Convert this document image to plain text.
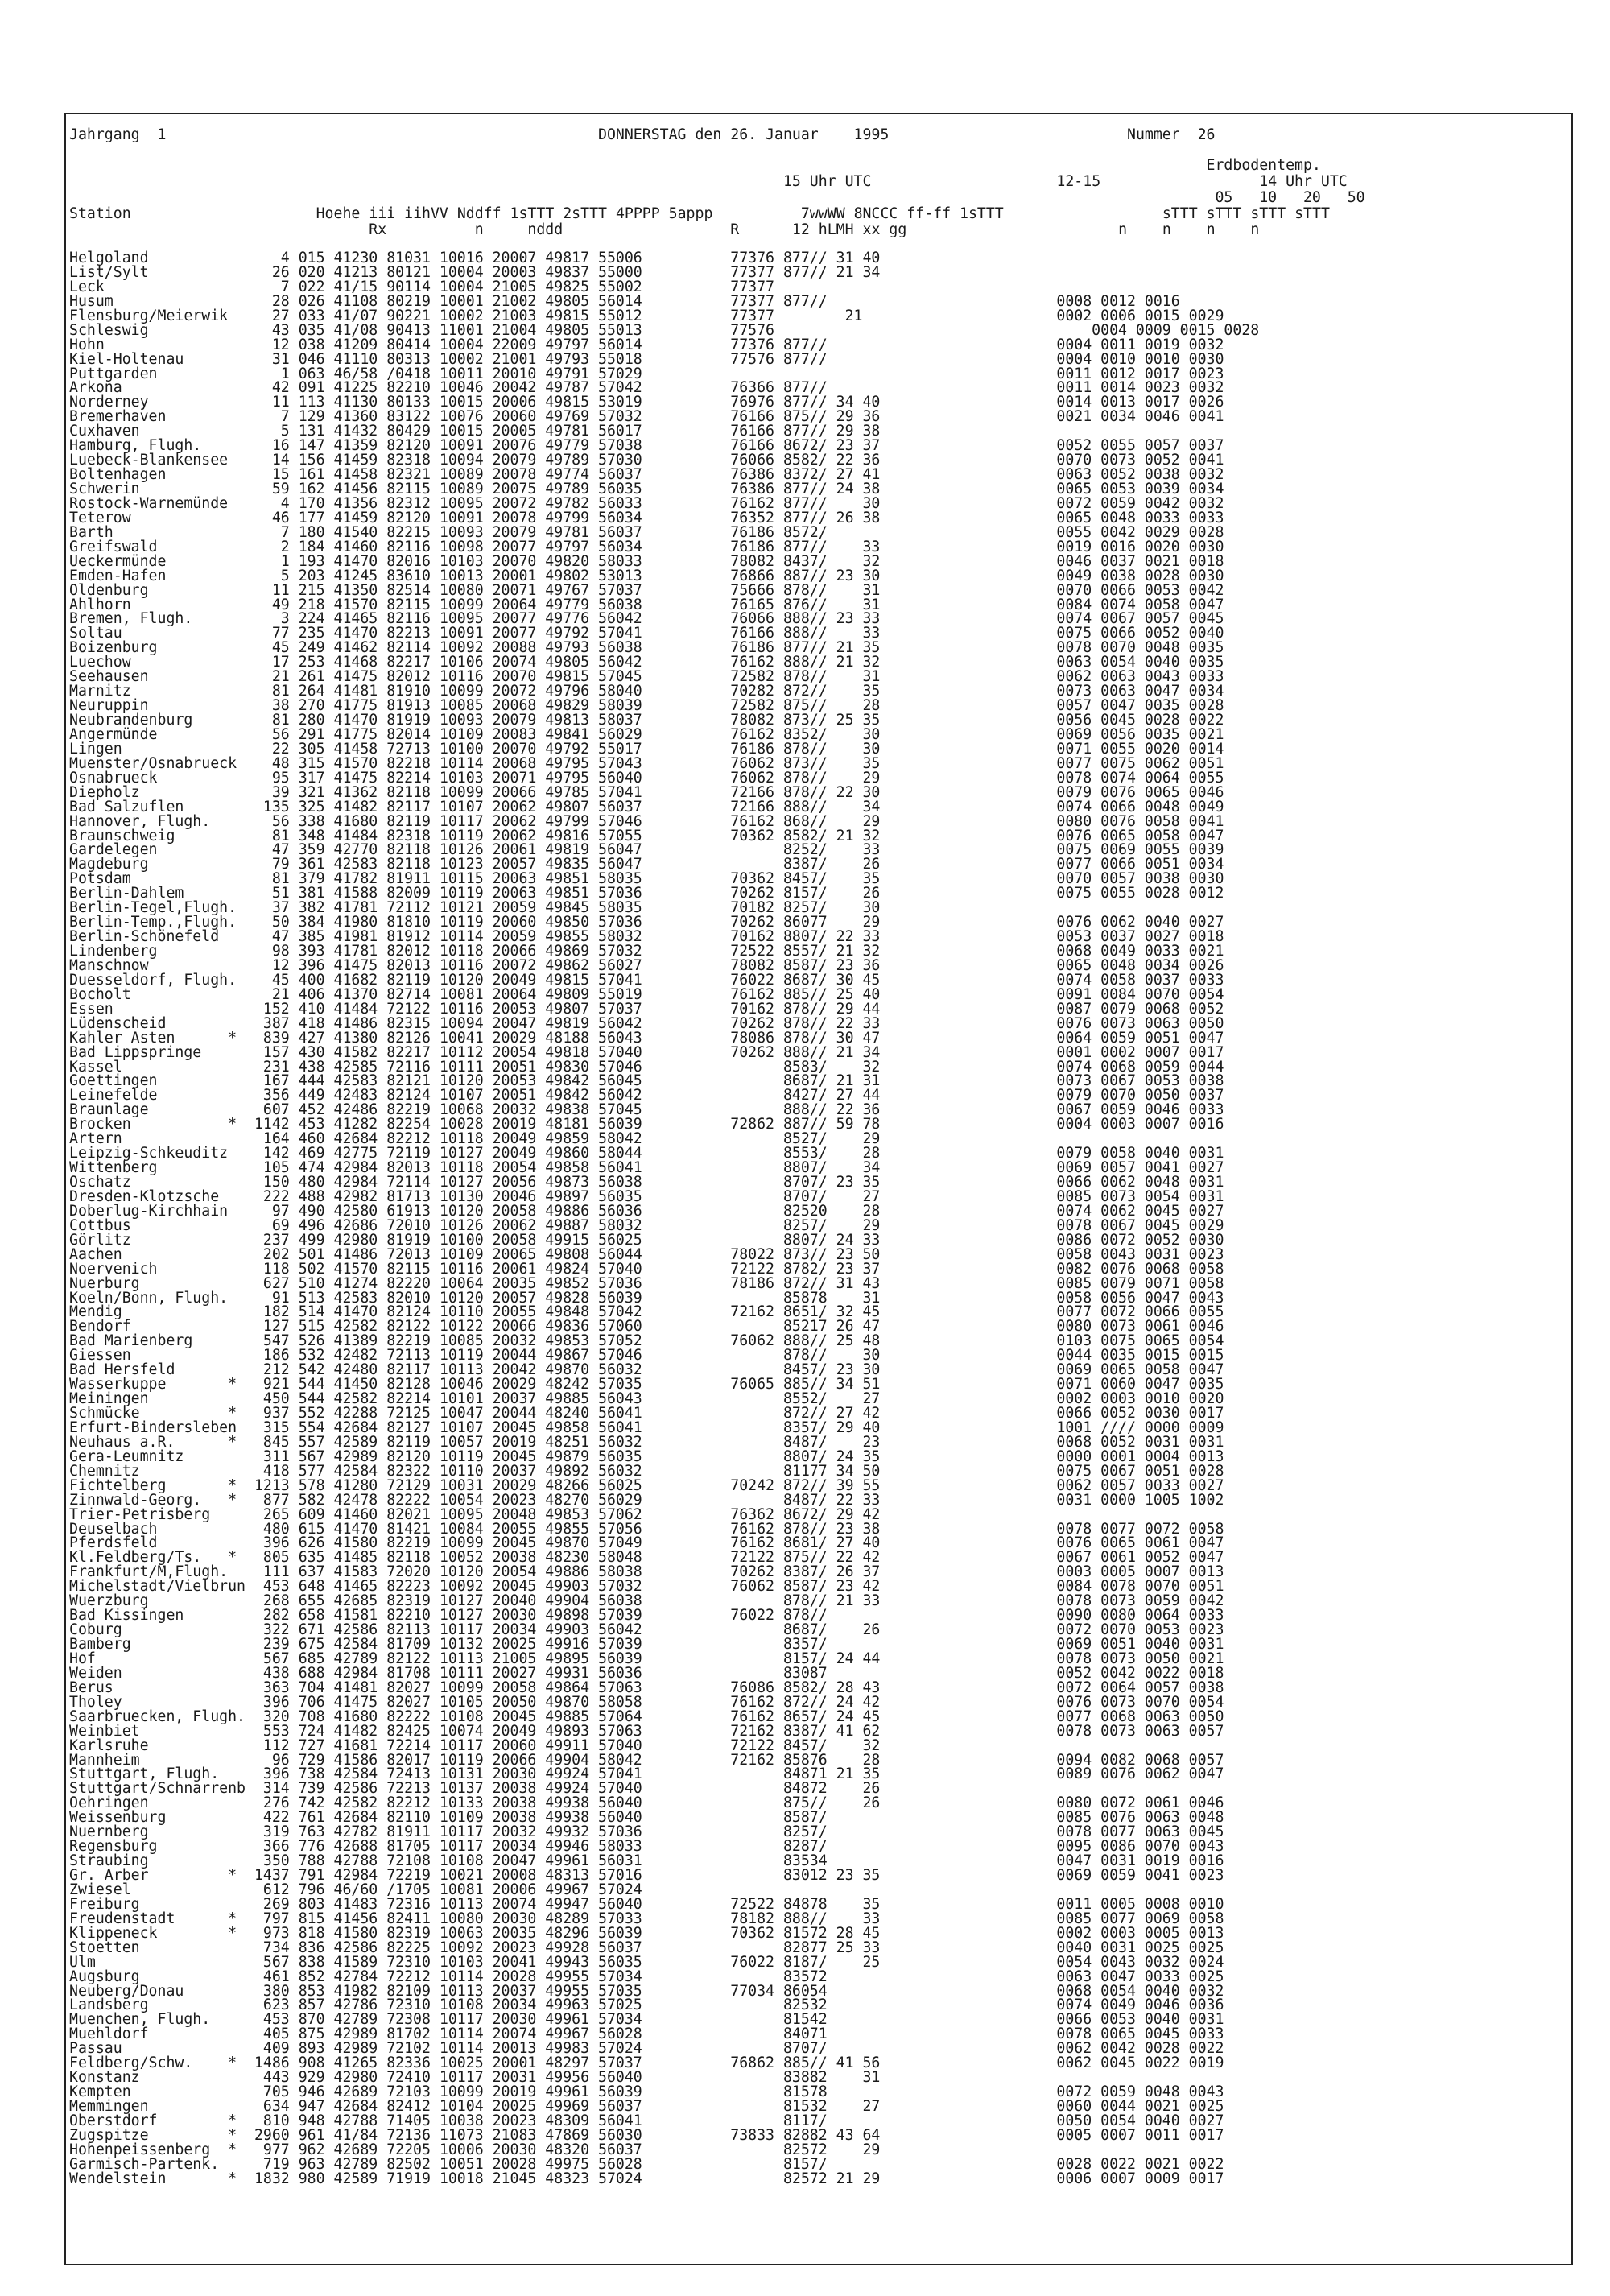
Jahrgang  1	DONNERSTAG den 26. Januar    1995	Nummer  26
Erdbodentemp.
15 Uhr UTC	12-15	14 Uhr UTC
05   10   20   50
Station	Hoehe iii iihVV Nddff 1sTTT 2sTTT 4PPPP 5appp	7wwWW 8NCCC ff-ff 1sTTT	sTTT sTTT sTTT sTTT
Rx	n	nddd	R	12 hLMH xx gg	n    n    n    n
Helgoland               4 015 41230 81031 10016 20007 49817 55006          77376 877// 31 40
List/Sylt              26 020 41213 80121 10004 20003 49837 55000          77377 877// 21 34
Leck                    7 022 41/15 90114 10004 21005 49825 55002          77377
Husum                  28 026 41108 80219 10001 21002 49805 56014          77377 877//                          0008 0012 0016
Flensburg/Meierwik     27 033 41/07 90221 10002 21003 49815 55012          77377        21                      0002 0006 0015 0029
Schleswig              43 035 41/08 90413 11001 21004 49805 55013          77576                                    0004 0009 0015 0028
Hohn                   12 038 41209 80414 10004 22009 49797 56014          77376 877//                          0004 0011 0019 0032
Kiel-Holtenau          31 046 41110 80313 10002 21001 49793 55018          77576 877//                          0004 0010 0010 0030
Puttgarden              1 063 46/58 /0418 10011 20010 49791 57029                                               0011 0012 0017 0023
Arkona                 42 091 41225 82210 10046 20042 49787 57042          76366 877//                          0011 0014 0023 0032
Norderney              11 113 41130 80133 10015 20006 49815 53019          76976 877// 34 40                    0014 0013 0017 0026
Bremerhaven             7 129 41360 83122 10076 20060 49769 57032          76166 875// 29 36                    0021 0034 0046 0041
Cuxhaven                5 131 41432 80429 10015 20005 49781 56017          76166 877// 29 38
Hamburg, Flugh.        16 147 41359 82120 10091 20076 49779 57038          76166 8672/ 23 37                    0052 0055 0057 0037
Luebeck-Blankensee     14 156 41459 82318 10094 20079 49789 57030          76066 8582/ 22 36                    0070 0073 0052 0041
Boltenhagen            15 161 41458 82321 10089 20078 49774 56037          76386 8372/ 27 41                    0063 0052 0038 0032
Schwerin               59 162 41456 82115 10089 20075 49789 56035          76386 877// 24 38                    0065 0053 0039 0034
Rostock-Warnemünde      4 170 41356 82312 10095 20072 49782 56033          76162 877//    30                    0072 0059 0042 0032
Teterow                46 177 41459 82120 10091 20078 49799 56034          76352 877// 26 38                    0065 0048 0033 0033
Barth                   7 180 41540 82215 10093 20079 49781 56037          76186 8572/                          0055 0042 0029 0028
Greifswald              2 184 41460 82116 10098 20077 49797 56034          76186 877//    33                    0019 0016 0020 0030
Ueckermünde             1 193 41470 82016 10103 20070 49820 58033          78082 8437/    32                    0046 0037 0021 0018
Emden-Hafen             5 203 41245 83610 10013 20001 49802 53013          76866 887// 23 30                    0049 0038 0028 0030
Oldenburg              11 215 41350 82514 10080 20071 49767 57037          75666 878//    31                    0070 0066 0053 0042
Ahlhorn                49 218 41570 82115 10099 20064 49779 56038          76165 876//    31                    0084 0074 0058 0047
Bremen, Flugh.          3 224 41465 82116 10095 20077 49776 56042          76066 888// 23 33                    0074 0067 0057 0045
Soltau                 77 235 41470 82213 10091 20077 49792 57041          76166 888//    33                    0075 0066 0052 0040
Boizenburg             45 249 41462 82114 10092 20088 49793 56038          76186 877// 21 35                    0078 0070 0048 0035
Luechow                17 253 41468 82217 10106 20074 49805 56042          76162 888// 21 32                    0063 0054 0040 0035
Seehausen              21 261 41475 82012 10116 20070 49815 57045          72582 878//    31                    0062 0063 0043 0033
Marnitz                81 264 41481 81910 10099 20072 49796 58040          70282 872//    35                    0073 0063 0047 0034
Neuruppin              38 270 41775 81913 10085 20068 49829 58039          72582 875//    28                    0057 0047 0035 0028
Neubrandenburg         81 280 41470 81919 10093 20079 49813 58037          78082 873// 25 35                    0056 0045 0028 0022
Angermünde             56 291 41775 82014 10109 20083 49841 56029          76162 8352/    30                    0069 0056 0035 0021
Lingen                 22 305 41458 72713 10100 20070 49792 55017          76186 878//    30                    0071 0055 0020 0014
Muenster/Osnabrueck    48 315 41570 82218 10114 20068 49795 57043          76062 873//    35                    0077 0075 0062 0051
Osnabrueck             95 317 41475 82214 10103 20071 49795 56040          76062 878//    29                    0078 0074 0064 0055
Diepholz               39 321 41362 82118 10099 20066 49785 57041          72166 878// 22 30                    0079 0076 0065 0046
Bad Salzuflen         135 325 41482 82117 10107 20062 49807 56037          72166 888//    34                    0074 0066 0048 0049
Hannover, Flugh.       56 338 41680 82119 10117 20062 49799 57046          76162 868//    29                    0080 0076 0058 0041
Braunschweig           81 348 41484 82318 10119 20062 49816 57055          70362 8582/ 21 32                    0076 0065 0058 0047
Gardelegen             47 359 42770 82118 10126 20061 49819 56047                8252/    33                    0075 0069 0055 0039
Magdeburg              79 361 42583 82118 10123 20057 49835 56047                8387/    26                    0077 0066 0051 0034
Potsdam                81 379 41782 81911 10115 20063 49851 58035          70362 8457/    35                    0070 0057 0038 0030
Berlin-Dahlem          51 381 41588 82009 10119 20063 49851 57036          70262 8157/    26                    0075 0055 0028 0012
Berlin-Tegel,Flugh.    37 382 41781 72112 10121 20059 49845 58035          70182 8257/    30
Berlin-Temp.,Flugh.    50 384 41980 81810 10119 20060 49850 57036          70262 86077    29                    0076 0062 0040 0027
Berlin-Schönefeld      47 385 41981 81912 10114 20059 49855 58032          70162 8807/ 22 33                    0053 0037 0027 0018
Lindenberg             98 393 41781 82012 10118 20066 49869 57032          72522 8557/ 21 32                    0068 0049 0033 0021
Manschnow              12 396 41475 82013 10116 20072 49862 56027          78082 8587/ 23 36                    0065 0048 0034 0026
Duesseldorf, Flugh.    45 400 41682 82119 10120 20049 49815 57041          76022 8687/ 30 45                    0074 0058 0037 0033
Bocholt                21 406 41370 82714 10081 20064 49809 55019          76162 885// 25 40                    0091 0084 0070 0054
Essen                 152 410 41484 72122 10116 20053 49807 57037          70162 878// 29 44                    0087 0079 0068 0052
Lüdenscheid           387 418 41486 82315 10094 20047 49819 56042          70262 878// 22 33                    0076 0073 0063 0050
Kahler Asten      *   839 427 41380 82126 10041 20029 48188 56043          78086 878// 30 47                    0064 0059 0051 0047
Bad Lippspringe       157 430 41582 82217 10112 20054 49818 57040          70262 888// 21 34                    0001 0002 0007 0017
Kassel                231 438 42585 72116 10111 20051 49830 57046                8583/    32                    0074 0068 0059 0044
Goettingen            167 444 42583 82121 10120 20053 49842 56045                8687/ 21 31                    0073 0067 0053 0038
Leinefelde            356 449 42483 82124 10107 20051 49842 56042                8427/ 27 44                    0079 0070 0050 0037
Braunlage             607 452 42486 82219 10068 20032 49838 57045                888// 22 36                    0067 0059 0046 0033
Brocken           *  1142 453 41282 82254 10028 20019 48181 56039          72862 887// 59 78                    0004 0003 0007 0016
Artern                164 460 42684 82212 10118 20049 49859 58042                8527/    29
Leipzig-Schkeuditz    142 469 42775 72119 10127 20049 49860 58044                8553/    28                    0079 0058 0040 0031
Wittenberg            105 474 42984 82013 10118 20054 49858 56041                8807/    34                    0069 0057 0041 0027
Oschatz               150 480 42984 72114 10127 20056 49873 56038                8707/ 23 35                    0066 0062 0048 0031
Dresden-Klotzsche     222 488 42982 81713 10130 20046 49897 56035                8707/    27                    0085 0073 0054 0031
Doberlug-Kirchhain     97 490 42580 61913 10120 20058 49886 56036                82520    28                    0074 0062 0045 0027
Cottbus                69 496 42686 72010 10126 20062 49887 58032                8257/    29                    0078 0067 0045 0029
Görlitz               237 499 42980 81919 10100 20058 49915 56025                8807/ 24 33                    0086 0072 0052 0030
Aachen                202 501 41486 72013 10109 20065 49808 56044          78022 873// 23 50                    0058 0043 0031 0023
Noervenich            118 502 41570 82115 10116 20061 49824 57040          72122 8782/ 23 37                    0082 0076 0068 0058
Nuerburg              627 510 41274 82220 10064 20035 49852 57036          78186 872// 31 43                    0085 0079 0071 0058
Koeln/Bonn, Flugh.     91 513 42583 82010 10120 20057 49828 56039                85878    31                    0058 0056 0047 0043
Mendig                182 514 41470 82124 10110 20055 49848 57042          72162 8651/ 32 45                    0077 0072 0066 0055
Bendorf               127 515 42582 82122 10122 20066 49836 57060                85217 26 47                    0080 0073 0061 0046
Bad Marienberg        547 526 41389 82219 10085 20032 49853 57052          76062 888// 25 48                    0103 0075 0065 0054
Giessen               186 532 42482 72113 10119 20044 49867 57046                878//    30                    0044 0035 0015 0015
Bad Hersfeld          212 542 42480 82117 10113 20042 49870 56032                8457/ 23 30                    0069 0065 0058 0047
Wasserkuppe       *   921 544 41450 82128 10046 20029 48242 57035          76065 885// 34 51                    0071 0060 0047 0035
Meiningen             450 544 42582 82214 10101 20037 49885 56043                8552/    27                    0002 0003 0010 0020
Schmücke          *   937 552 42288 72125 10047 20044 48240 56041                872// 27 42                    0066 0052 0030 0017
Erfurt-Bindersleben   315 554 42684 82127 10107 20045 49858 56041                8357/ 29 40                    1001 //// 0000 0009
Neuhaus a.R.      *   845 557 42589 82119 10057 20019 48251 56032                8487/    23                    0068 0052 0031 0031
Gera-Leumnitz         311 567 42989 82120 10119 20045 49879 56035                8807/ 24 35                    0000 0001 0004 0013
Chemnitz              418 577 42584 82322 10110 20037 49892 56032                81177 34 50                    0075 0067 0051 0028
Fichtelberg       *  1213 578 41280 72129 10031 20029 48266 56025          70242 872// 39 55                    0062 0057 0033 0027
Zinnwald-Georg.   *   877 582 42478 82222 10054 20023 48270 56029                8487/ 22 33                    0031 0000 1005 1002
Trier-Petrisberg      265 609 41460 82021 10095 20048 49853 57062          76362 8672/ 29 42
Deuselbach            480 615 41470 81421 10084 20055 49855 57056          76162 878// 23 38                    0078 0077 0072 0058
Pferdsfeld            396 626 41580 82219 10099 20045 49870 57049          76162 8681/ 27 40                    0076 0065 0061 0047
Kl.Feldberg/Ts.   *   805 635 41485 82118 10052 20038 48230 58048          72122 875// 22 42                    0067 0061 0052 0047
Frankfurt/M,Flugh.    111 637 41583 72020 10120 20054 49886 58038          70262 8387/ 26 37                    0003 0005 0007 0013
Michelstadt/Vielbrun  453 648 41465 82223 10092 20045 49903 57032          76062 8587/ 23 42                    0084 0078 0070 0051
Wuerzburg             268 655 42685 82319 10127 20040 49904 56038                878// 21 33                    0078 0073 0059 0042
Bad Kissingen         282 658 41581 82210 10127 20030 49898 57039          76022 878//                          0090 0080 0064 0033
Coburg                322 671 42586 82113 10117 20034 49903 56042                8687/    26                    0072 0070 0053 0023
Bamberg               239 675 42584 81709 10132 20025 49916 57039                8357/                          0069 0051 0040 0031
Hof                   567 685 42789 82122 10113 21005 49895 56039                8157/ 24 44                    0078 0073 0050 0021
Weiden                438 688 42984 81708 10111 20027 49931 56036                83087                          0052 0042 0022 0018
Berus                 363 704 41481 82027 10099 20058 49864 57063          76086 8582/ 28 43                    0072 0064 0057 0038
Tholey                396 706 41475 82027 10105 20050 49870 58058          76162 872// 24 42                    0076 0073 0070 0054
Saarbruecken, Flugh.  320 708 41680 82222 10108 20045 49885 57064          76162 8657/ 24 45                    0077 0068 0063 0050
Weinbiet              553 724 41482 82425 10074 20049 49893 57063          72162 8387/ 41 62                    0078 0073 0063 0057
Karlsruhe             112 727 41681 72214 10117 20060 49911 57040          72122 8457/    32
Mannheim               96 729 41586 82017 10119 20066 49904 58042          72162 85876    28                    0094 0082 0068 0057
Stuttgart, Flugh.     396 738 42584 72413 10131 20030 49924 57041                84871 21 35                    0089 0076 0062 0047
Stuttgart/Schnarrenb  314 739 42586 72213 10137 20038 49924 57040                84872    26
Oehringen             276 742 42582 82212 10133 20038 49938 56040                875//    26                    0080 0072 0061 0046
Weissenburg           422 761 42684 82110 10109 20038 49938 56040                8587/                          0085 0076 0063 0048
Nuernberg             319 763 42782 81911 10117 20032 49932 57036                8257/                          0078 0077 0063 0045
Regensburg            366 776 42688 81705 10117 20034 49946 58033                8287/                          0095 0086 0070 0043
Straubing             350 788 42788 72108 10108 20047 49961 56031                83534                          0047 0031 0019 0016
Gr. Arber         *  1437 791 42984 72219 10021 20008 48313 57016                83012 23 35                    0069 0059 0041 0023
Zwiesel               612 796 46/60 /1705 10081 20006 49967 57024
Freiburg              269 803 41483 72316 10113 20074 49947 56040          72522 84878    35                    0011 0005 0008 0010
Freudenstadt      *   797 815 41456 82411 10080 20030 48289 57033          78182 888//    33                    0085 0077 0069 0058
Klippeneck        *   973 818 41580 82319 10063 20035 48296 56039          70362 81572 28 45                    0002 0003 0005 0013
Stoetten              734 836 42586 82225 10092 20023 49928 56037                82877 25 33                    0040 0031 0025 0025
Ulm                   567 838 41589 72310 10103 20041 49943 56035          76022 8187/    25                    0054 0043 0032 0024
Augsburg              461 852 42784 72212 10114 20028 49955 57034                83572                          0063 0047 0033 0025
Neuberg/Donau         380 853 41982 82109 10113 20037 49955 57035          77034 86054                          0068 0054 0040 0032
Landsberg             623 857 42786 72310 10108 20034 49963 57025                82532                          0074 0049 0046 0036
Muenchen, Flugh.      453 870 42789 72308 10117 20030 49961 57034                81542                          0066 0053 0040 0031
Muehldorf             405 875 42989 81702 10114 20074 49967 56028                84071                          0078 0065 0045 0033
Passau                409 893 42989 72102 10114 20013 49983 57024                8707/                          0062 0042 0028 0022
Feldberg/Schw.    *  1486 908 41265 82336 10025 20001 48297 57037          76862 885// 41 56                    0062 0045 0022 0019
Konstanz              443 929 42980 72410 10117 20031 49956 56040                83882    31
Kempten               705 946 42689 72103 10099 20019 49961 56039                81578                          0072 0059 0048 0043
Memmingen             634 947 42684 82412 10104 20025 49969 56037                81532    27                    0060 0044 0021 0025
Oberstdorf        *   810 948 42788 71405 10038 20023 48309 56041                8117/                          0050 0054 0040 0027
Zugspitze         *  2960 961 41/84 72136 11073 21083 47869 56030          73833 82882 43 64                    0005 0007 0011 0017
Hohenpeissenberg  *   977 962 42689 72205 10006 20030 48320 56037                82572    29
Garmisch-Partenk.     719 963 42789 82502 10051 20028 49975 56028                8157/                          0028 0022 0021 0022
Wendelstein       *  1832 980 42589 71919 10018 21045 48323 57024                82572 21 29                    0006 0007 0009 0017
